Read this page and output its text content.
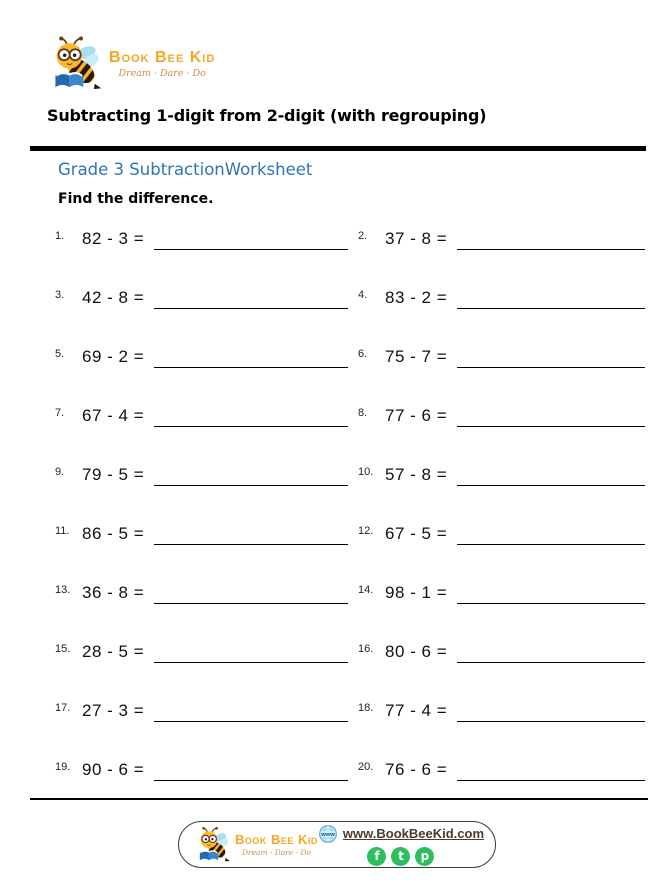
Book Bee Kid
Dream · Dare · Do
Subtracting 1-digit from 2-digit (with regrouping)
Grade 3 SubtractionWorksheet
Find the difference.
1.	82 - 3 =	2.	37 - 8 =
3.	42 - 8 =	4.	83 - 2 =
5.	69 - 2 =	6.	75 - 7 =
7.	67 - 4 =	8.	77 - 6 =
9.	79 - 5 =	10. 57 - 8 =
11. 86 - 5 =	12. 67 - 5 =
13. 36 - 8 =	14. 98 - 1 =
15. 28 - 5 =	16. 80 - 6 =
17. 27 - 3 =	18. 77 - 4 =
19. 90 - 6 =	20. 76 - 6 =
Book Bee Kid
Dream · Dare · Do
www www.BookBeeKid.com
f	t	p
